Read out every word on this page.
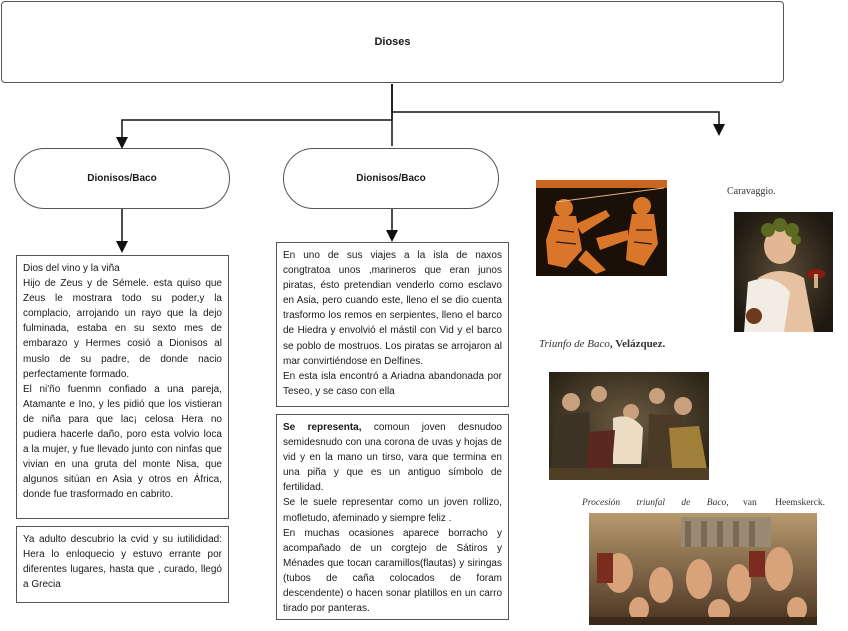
Dioses
Dionisos/Baco	Dionisos/Baco

Dios del vino y la viña

Hijo de Zeus y de Sémele. esta quiso que Zeus le mostrara todo su poder,y la complacio, arrojando un rayo que la dejo fulminada, estaba en su sexto mes de embarazo y Hermes cosió a Dionisos al muslo de su padre, de donde nacio perfectamente formado.

El ni'ño fuenmn confiado a una pareja, Atamante e Ino, y les pidió que los vistieran de niña para que lac¡ celosa Hera no pudiera hacerle daño, poro esta volvio loca a la mujer, y fue llevado junto con ninfas que vivian en una gruta del monte Nisa, que algunos sitúan en Asia y otros en África, donde fue trasformado en cabrito.

Ya adulto descubrio la cvid y su iutilididad: Hera lo enloquecio y estuvo errante por diferentes lugares, hasta que , curado, llegó a Grecia

En uno de sus viajes a la isla de naxos congtratoa unos ,marineros que eran junos piratas, ésto pretendian venderlo como esclavo en Asia, pero cuando este, lleno el se dio cuenta trasformo los remos en serpientes, lleno el barco de Hiedra y envolvió el mástil con Vid y el barco se poblo de mostruos. Los piratas se arrojaron al mar convirtiéndose en Delfines.

En esta isla encontró a Ariadna abandonada por Teseo, y se caso con ella

Se representa, comoun joven desnudoo semidesnudo con una corona de uvas y hojas de vid y en la mano un tirso, vara que termina en una piña y que es un antiguo símbolo de fertilidad.

Se le suele representar como un joven rollizo, mofletudo, afeminado y siempre feliz .

En muchas ocasiones aparece borracho y acompañado de un corgtejo de Sátiros y Ménades que tocan caramillos(flautas) y siringas (tubos de caña colocados de foram descendente) o hacen sonar platillos en un carro tirado por panteras.

Caravaggio.
Triunfo de Baco, Velázquez.
Procesión triunfal de Baco, van Heemskerck.
